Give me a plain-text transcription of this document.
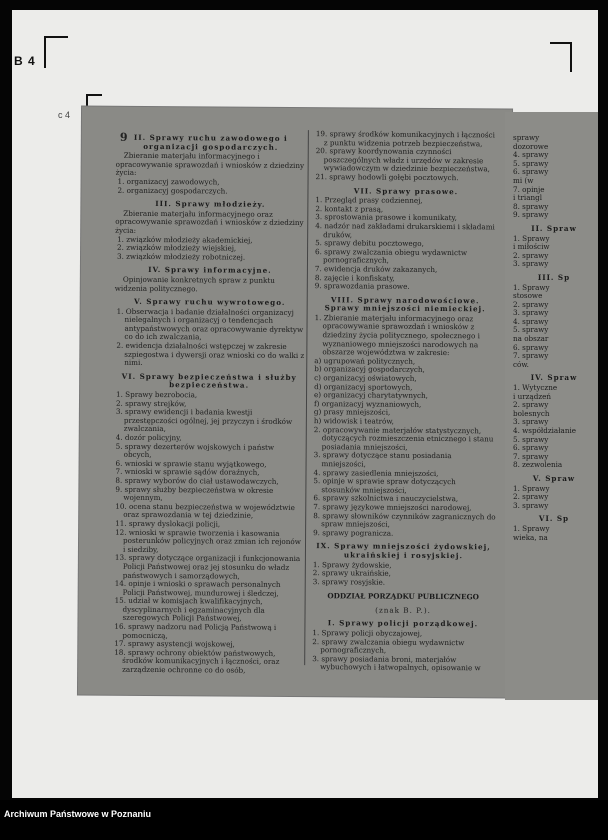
B 4
c 4
9 II. Sprawy ruchu zawodowego i organizacji gospodarczych.
Zbieranie materjału informacyjnego i opracowywanie sprawozdań i wniosków z dziedziny życia:
1. organizacyj zawodowych,
2. organizacyj gospodarczych.
III. Sprawy młodzieży.
Zbieranie materjału informacyjnego oraz opracowywanie sprawozdań i wniosków z dziedziny życia:
1. związków młodzieży akademickiej,
2. związków młodzieży wiejskiej,
3. związków młodzieży robotniczej.
IV. Sprawy informacyjne.
Opinjowanie konkretnych spraw z punktu widzenia politycznego.
V. Sprawy ruchu wywrotowego.
1. Obserwacja i badanie działalności organizacyj nielegalnych i organizacyj o tendencjach antypaństwowych oraz opracowywanie dyrektyw co do ich zwalczania,
2. ewidencja działalności wstępczej w zakresie szpiegostwa i dywersji oraz wnioski co do walki z nimi.
VI. Sprawy bezpieczeństwa i służby bezpieczeństwa.
1. Sprawy bezrobocia,
2. sprawy strejków,
3. sprawy ewidencji i badania kwestji przestępczości ogólnej, jej przyczyn i środków zwalczania,
4. dozór policyjny,
5. sprawy dezerterów wojskowych i państw obcych,
6. wnioski w sprawie stanu wyjątkowego,
7. wnioski w sprawie sądów doraźnych,
8. sprawy wyborów do ciał ustawodawczych,
9. sprawy służby bezpieczeństwa w okresie wojennym,
10. ocena stanu bezpieczeństwa w województwie oraz sprawozdania w tej dziedzinie,
11. sprawy dyslokacji policji,
12. wnioski w sprawie tworzenia i kasowania posterunków policyjnych oraz zmian ich rejonów i siedziby,
13. sprawy dotyczące organizacji i funkcjonowania Policji Państwowej oraz jej stosunku do władz państwowych i samorządowych,
14. opinje i wnioski o sprawach personalnych Policji Państwowej, mundurowej i śledczej,
15. udział w komisjach kwalifikacyjnych, dyscyplinarnych i egzaminacyjnych dla szeregowych Policji Państwowej,
16. sprawy nadzoru nad Policją Państwową i pomocniczą,
17. sprawy asystencji wojskowej,
18. sprawy ochrony obiektów państwowych, środków komunikacyjnych i łączności, oraz zarządzenie ochronne co do osób,
19. sprawy środków komunikacyjnych i łączności z punktu widzenia potrzeb bezpieczeństwa,
20. sprawy koordynowania czynności poszczególnych władz i urzędów w zakresie wywiadowczym w dziedzinie bezpieczeństwa,
21. sprawy hodowli gołębi pocztowych.
VII. Sprawy prasowe.
1. Przegląd prasy codziennej,
2. kontakt z prasą,
3. sprostowania prasowe i komunikaty,
4. nadzór nad zakładami drukarskiemi i składami druków,
5. sprawy debitu pocztowego,
6. sprawy zwalczania obiegu wydawnictw pornograficznych,
7. ewidencja druków zakazanych,
8. zajęcie i konfiskaty,
9. sprawozdania prasowe.
VIII. Sprawy narodowościowe. Sprawy mniejszości niemieckiej.
1. Zbieranie materjału informacyjnego oraz opracowywanie sprawozdań i wniosków z dziedziny życia politycznego, społecznego i wyznaniowego mniejszości narodowych na obszarze województwa w zakresie:
a) ugrupowań politycznych,
b) organizacyj gospodarczych,
c) organizacyj oświatowych,
d) organizacyj sportowych,
e) organizacyj charytatywnych,
f) organizacyj wyznaniowych,
g) prasy mniejszości,
h) widowisk i teatrów,
2. opracowywanie materjałów statystycznych, dotyczących rozmieszczenia etnicznego i stanu posiadania mniejszości,
3. sprawy dotyczące stanu posiadania mniejszości,
4. sprawy zasiedlenia mniejszości,
5. opinje w sprawie spraw dotyczących stosunków mniejszości,
6. sprawy szkolnictwa i nauczycielstwa,
7. sprawy językowe mniejszości narodowej,
8. sprawy słowników czynników zagranicznych do spraw mniejszości,
9. sprawy pogranicza.
IX. Sprawy mniejszości żydowskiej, ukraińskiej i rosyjskiej.
1. Sprawy żydowskie,
2. sprawy ukraińskie,
3. sprawy rosyjskie.
ODDZIAŁ PORZĄDKU PUBLICZNEGO
(znak B. P.).
I. Sprawy policji porządkowej.
1. Sprawy policji obyczajowej,
2. sprawy zwalczania obiegu wydawnictw pornograficznych,
3. sprawy posiadania broni, materjałów wybuchowych i łatwopalnych, opisowanie w
sprawy
dozorowe
4. sprawy
5. sprawy
6. sprawy
mi (w
7. opinje
i triangl
8. sprawy
9. sprawy
II. Spraw
1. Sprawy
i miłościw
2. sprawy
3. sprawy
III. Sp
1. Sprawy
stosowe
2. sprawy
3. sprawy
4. sprawy
5. sprawy
na obszar
6. sprawy
7. sprawy
ców.
IV. Spraw
1. Wytyczne
i urządzeń
2. sprawy
bolesnych
3. sprawy
4. współdziałanie
5. sprawy
6. sprawy
7. sprawy
8. zezwolenia
V. Spraw
1. Sprawy
2. sprawy
3. sprawy
VI. Sp
1. Sprawy
wieka, na
Archiwum Państwowe w Poznaniu
